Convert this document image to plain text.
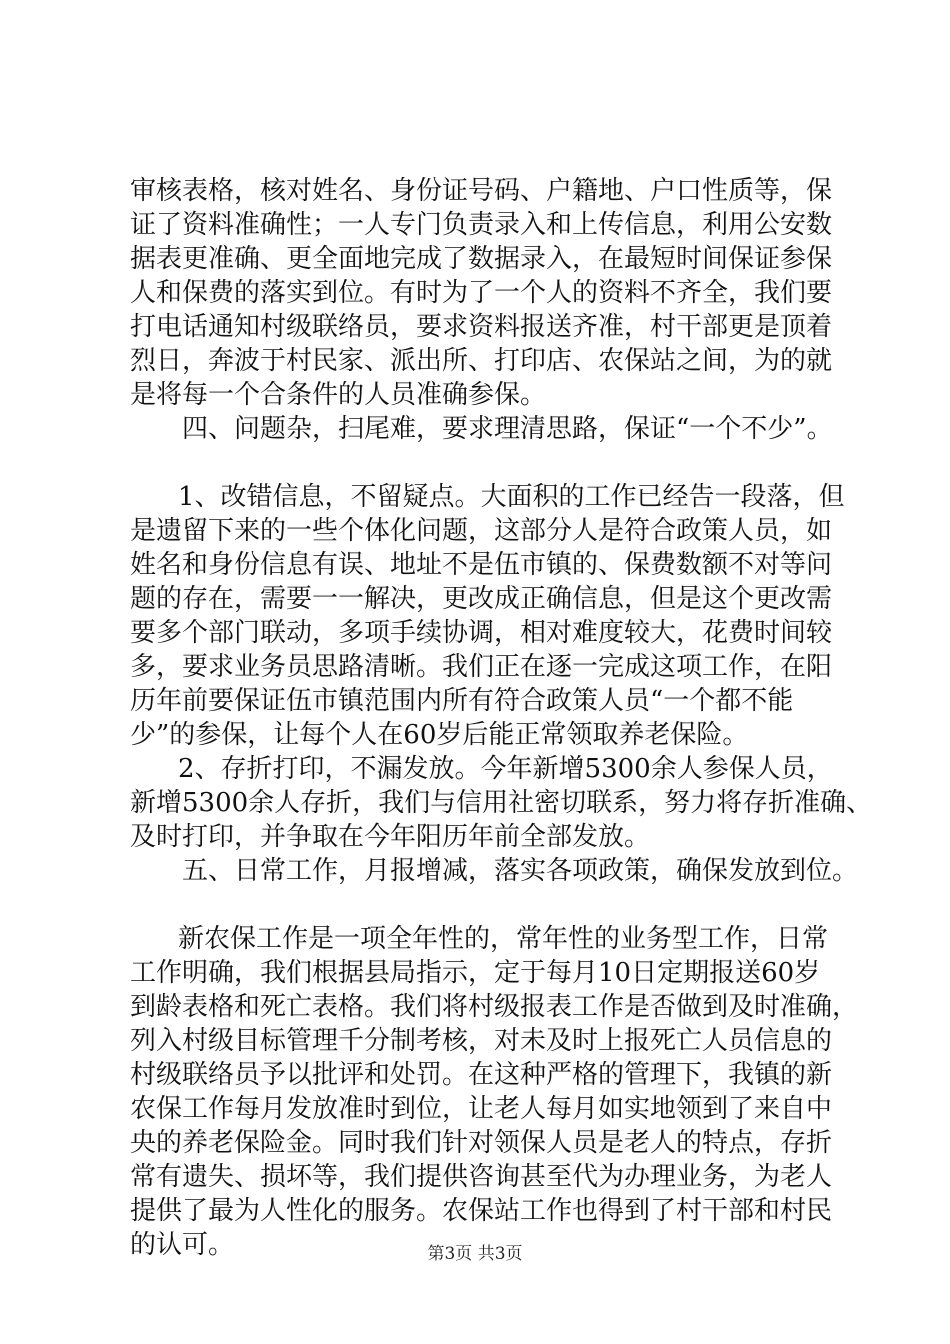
审核表格，核对姓名、身份证号码、户籍地、户口性质等，保
证了资料准确性；一人专门负责录入和上传信息，利用公安数
据表更准确、更全面地完成了数据录入，在最短时间保证参保
人和保费的落实到位。有时为了一个人的资料不齐全，我们要
打电话通知村级联络员，要求资料报送齐准，村干部更是顶着
烈日，奔波于村民家、派出所、打印店、农保站之间，为的就
是将每一个合条件的人员准确参保。
四、问题杂，扫尾难，要求理清思路，保证“一个不少”。
1、改错信息，不留疑点。大面积的工作已经告一段落，但
是遗留下来的一些个体化问题，这部分人是符合政策人员，如
姓名和身份信息有误、地址不是伍市镇的、保费数额不对等问
题的存在，需要一一解决，更改成正确信息，但是这个更改需
要多个部门联动，多项手续协调，相对难度较大，花费时间较
多，要求业务员思路清晰。我们正在逐一完成这项工作，在阳
历年前要保证伍市镇范围内所有符合政策人员“一个都不能
少”的参保，让每个人在60岁后能正常领取养老保险。
2、存折打印，不漏发放。今年新增5300余人参保人员，
新增5300余人存折，我们与信用社密切联系，努力将存折准确、
及时打印，并争取在今年阳历年前全部发放。
五、日常工作，月报增减，落实各项政策，确保发放到位。
新农保工作是一项全年性的，常年性的业务型工作，日常
工作明确，我们根据县局指示，定于每月10日定期报送60岁
到龄表格和死亡表格。我们将村级报表工作是否做到及时准确，
列入村级目标管理千分制考核，对未及时上报死亡人员信息的
村级联络员予以批评和处罚。在这种严格的管理下，我镇的新
农保工作每月发放准时到位，让老人每月如实地领到了来自中
央的养老保险金。同时我们针对领保人员是老人的特点，存折
常有遗失、损坏等，我们提供咨询甚至代为办理业务，为老人
提供了最为人性化的服务。农保站工作也得到了村干部和村民
的认可。	第3页 共3页
